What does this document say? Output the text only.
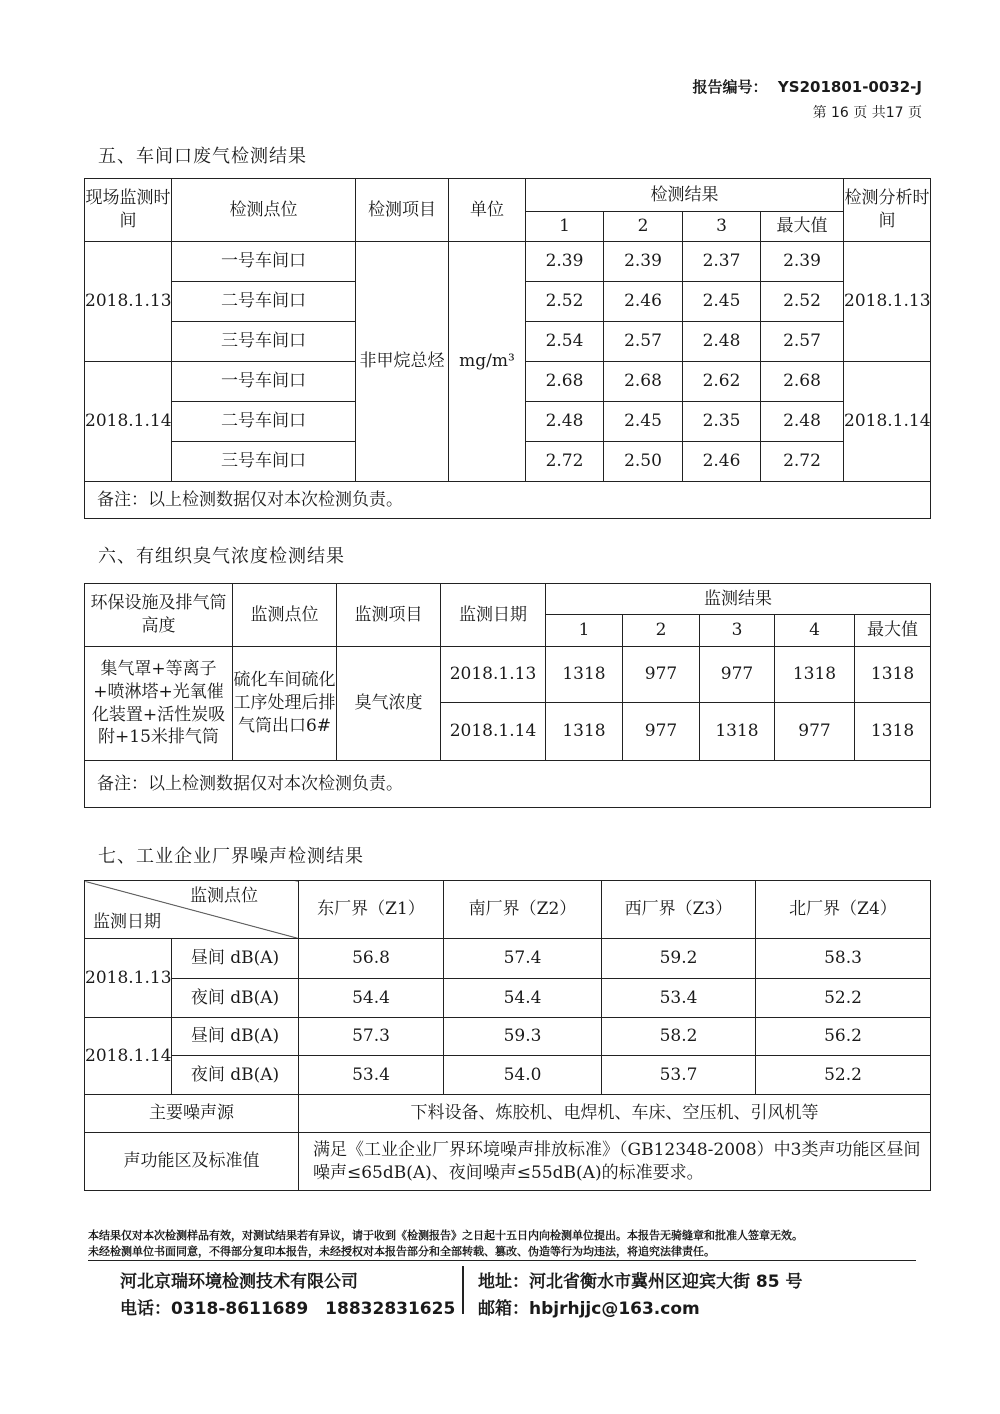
报告编号： YS201801-0032-J
第 16 页 共17 页
五、车间口废气检测结果
现场监测时间	检测点位	检测项目	单位	检测结果				检测分析时间
				1	2	3	最大值	
2018.1.13	一号车间口	非甲烷总烃	mg/m³	2.39	2.39	2.37	2.39	2018.1.13
	二号车间口			2.52	2.46	2.45	2.52	
	三号车间口			2.54	2.57	2.48	2.57	
2018.1.14	一号车间口			2.68	2.68	2.62	2.68	2018.1.14
	二号车间口			2.48	2.45	2.35	2.48	
	三号车间口			2.72	2.50	2.46	2.72	
备注：以上检测数据仅对本次检测负责。								
六、有组织臭气浓度检测结果
环保设施及排气筒高度	监测点位	监测项目	监测日期	监测结果				
				1	2	3	4	最大值
集气罩+等离子+喷淋塔+光氧催化装置+活性炭吸附+15米排气筒	硫化车间硫化工序处理后排气筒出口6#	臭气浓度	2018.1.13	1318	977	977	1318	1318
			2018.1.14	1318	977	1318	977	1318
备注：以上检测数据仅对本次检测负责。								
七、工业企业厂界噪声检测结果
监测点位
监测日期		东厂界（Z1）	南厂界（Z2）	西厂界（Z3）	北厂界（Z4）
2018.1.13	昼间 dB(A)	56.8	57.4	59.2	58.3
	夜间 dB(A)	54.4	54.4	53.4	52.2
2018.1.14	昼间 dB(A)	57.3	59.3	58.2	56.2
	夜间 dB(A)	53.4	54.0	53.7	52.2
主要噪声源		下料设备、炼胶机、电焊机、车床、空压机、引风机等			
声功能区及标准值		满足《工业企业厂界环境噪声排放标准》（GB12348-2008）中3类声功能区昼间噪声≤65dB(A)、夜间噪声≤55dB(A)的标准要求。			
本结果仅对本次检测样品有效，对测试结果若有异议，请于收到《检测报告》之日起十五日内向检测单位提出。本报告无骑缝章和批准人签章无效。
未经检测单位书面同意，不得部分复印本报告，未经授权对本报告部分和全部转载、篡改、伪造等行为均违法，将追究法律责任。
河北京瑞环境检测技术有限公司
电话：0318-8611689　18832831625
地址：河北省衡水市冀州区迎宾大街 85 号
邮箱：hbjrhjjc@163.com
